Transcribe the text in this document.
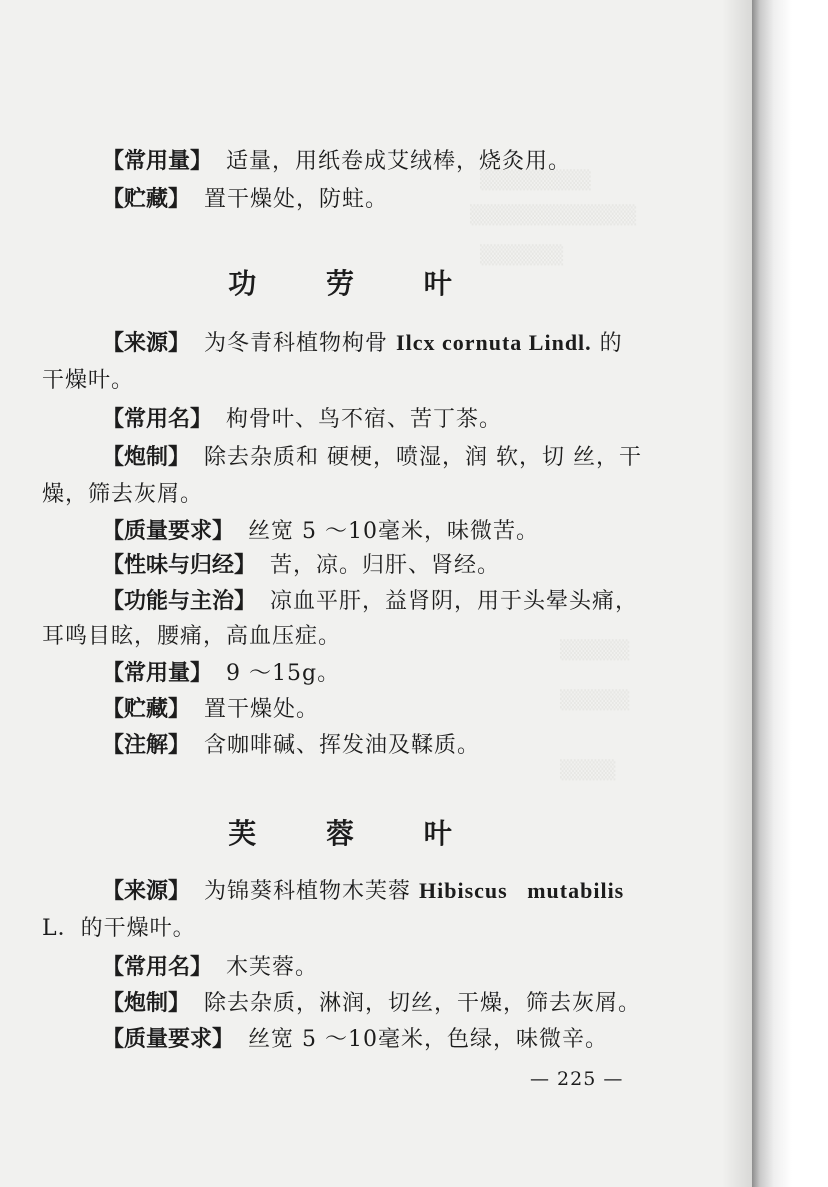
▒▒▒▒▒▒▒▒
▒▒▒▒▒▒▒▒▒▒▒▒
▒▒▒▒▒▒
▒▒▒▒▒
▒▒▒▒▒
▒▒▒▒
【常用量】 适量，用纸卷成艾绒棒，烧灸用。
【贮藏】 置干燥处，防蛀。
功 劳 叶
【来源】 为冬青科植物枸骨 Ilcx cornuta Lindl. 的
干燥叶。
【常用名】 枸骨叶、鸟不宿、苦丁茶。
【炮制】 除去杂质和 硬梗，喷湿，润 软，切 丝，干
燥，筛去灰屑。
【质量要求】 丝宽 5 ～10毫米，味微苦。
【性味与归经】 苦，凉。归肝、肾经。
【功能与主治】 凉血平肝，益肾阴，用于头晕头痛，
耳鸣目眩，腰痛，高血压症。
【常用量】 9 ～15g。
【贮藏】 置干燥处。
【注解】 含咖啡碱、挥发油及鞣质。
芙 蓉 叶
【来源】 为锦葵科植物木芙蓉 Hibiscus   mutabilis
L．的干燥叶。
【常用名】 木芙蓉。
【炮制】 除去杂质，淋润，切丝，干燥，筛去灰屑。
【质量要求】 丝宽 5 ～10毫米，色绿，味微辛。
— 225 —
